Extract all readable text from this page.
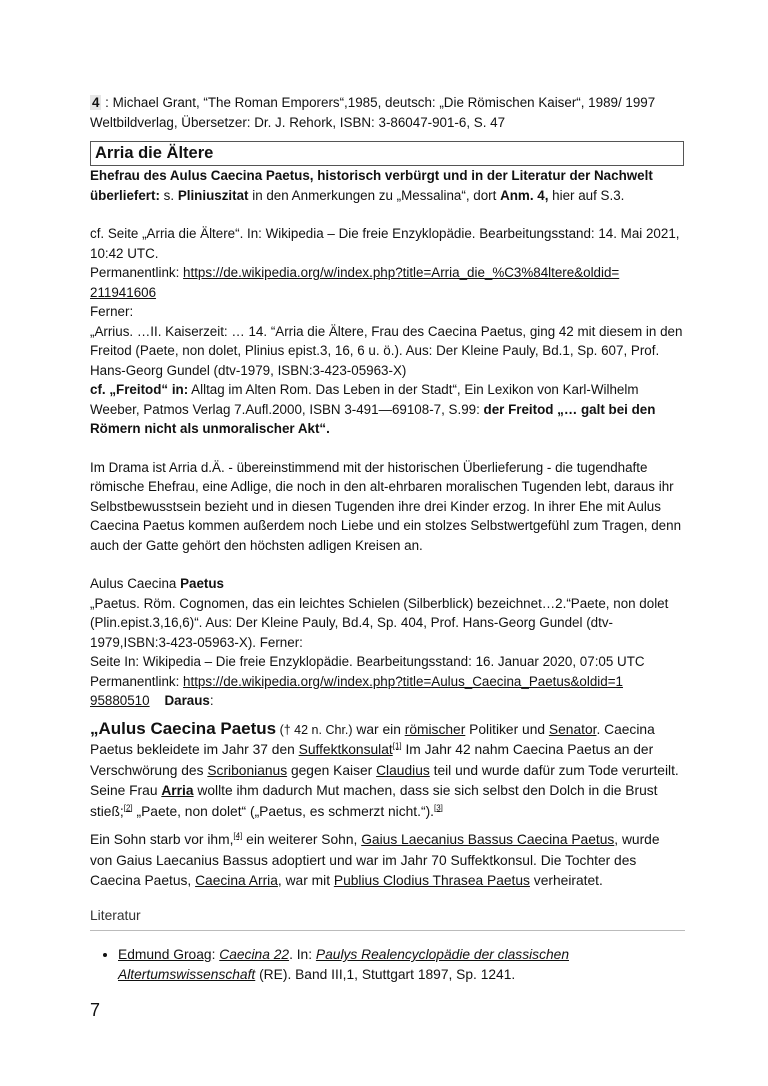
4 : Michael Grant, “The Roman Emporers“,1985, deutsch: „Die Römischen Kaiser“, 1989/ 1997 Weltbildverlag, Übersetzer: Dr. J. Rehork, ISBN: 3-86047-901-6, S. 47

Arria die Ältere

Ehefrau des Aulus Caecina Paetus, historisch verbürgt und in der Literatur der Nachwelt überliefert: s. Pliniuszitat in den Anmerkungen zu „Messalina“, dort Anm. 4, hier auf S.3.

cf. Seite „Arria die Ältere“. In: Wikipedia – Die freie Enzyklopädie. Bearbeitungsstand: 14. Mai 2021, 10:42 UTC.
Permanentlink: https://de.wikipedia.org/w/index.php?title=Arria_die_%C3%84ltere&oldid=
211941606

Ferner:

„Arrius. …II. Kaiserzeit: … 14. “Arria die Ältere, Frau des Caecina Paetus, ging 42 mit diesem in den Freitod (Paete, non dolet, Plinius epist.3, 16, 6 u. ö.). Aus: Der Kleine Pauly, Bd.1, Sp. 607, Prof. Hans-Georg Gundel (dtv-1979, ISBN:3-423-05963-X)

cf. „Freitod“ in: Alltag im Alten Rom. Das Leben in der Stadt“, Ein Lexikon von Karl-Wilhelm Weeber, Patmos Verlag 7.Aufl.2000, ISBN 3-491—69108-7, S.99: der Freitod „… galt bei den Römern nicht als unmoralischer Akt“.

Im Drama ist Arria d.Ä. - übereinstimmend mit der historischen Überlieferung - die tugendhafte römische Ehefrau, eine Adlige, die noch in den alt-ehrbaren moralischen Tugenden lebt, daraus ihr Selbstbewusstsein bezieht und in diesen Tugenden ihre drei Kinder erzog. In ihrer Ehe mit Aulus Caecina Paetus kommen außerdem noch Liebe und ein stolzes Selbstwertgefühl zum Tragen, denn auch der Gatte gehört den höchsten adligen Kreisen an.

Aulus Caecina Paetus

„Paetus. Röm. Cognomen, das ein leichtes Schielen (Silberblick) bezeichnet…2.“Paete, non dolet (Plin.epist.3,16,6)“. Aus: Der Kleine Pauly, Bd.4, Sp. 404, Prof. Hans-Georg Gundel (dtv-1979,ISBN:3-423-05963-X). Ferner:

Seite In: Wikipedia – Die freie Enzyklopädie. Bearbeitungsstand: 16. Januar 2020, 07:05 UTC
Permanentlink: https://de.wikipedia.org/w/index.php?title=Aulus_Caecina_Paetus&oldid=1
95880510 Daraus:

„Aulus Caecina Paetus († 42 n. Chr.) war ein römischer Politiker und Senator. Caecina Paetus bekleidete im Jahr 37 den Suffektkonsulat[1] Im Jahr 42 nahm Caecina Paetus an der Verschwörung des Scribonianus gegen Kaiser Claudius teil und wurde dafür zum Tode verurteilt. Seine Frau Arria wollte ihm dadurch Mut machen, dass sie sich selbst den Dolch in die Brust stieß;[2] „Paete, non dolet“ („Paetus, es schmerzt nicht.“).[3]

Ein Sohn starb vor ihm,[4] ein weiterer Sohn, Gaius Laecanius Bassus Caecina Paetus, wurde von Gaius Laecanius Bassus adoptiert und war im Jahr 70 Suffektkonsul. Die Tochter des Caecina Paetus, Caecina Arria, war mit Publius Clodius Thrasea Paetus verheiratet.

Literatur
• Edmund Groag: Caecina 22. In: Paulys Realencyclopädie der classischen Altertumswissenschaft (RE). Band III,1, Stuttgart 1897, Sp. 1241.
7
